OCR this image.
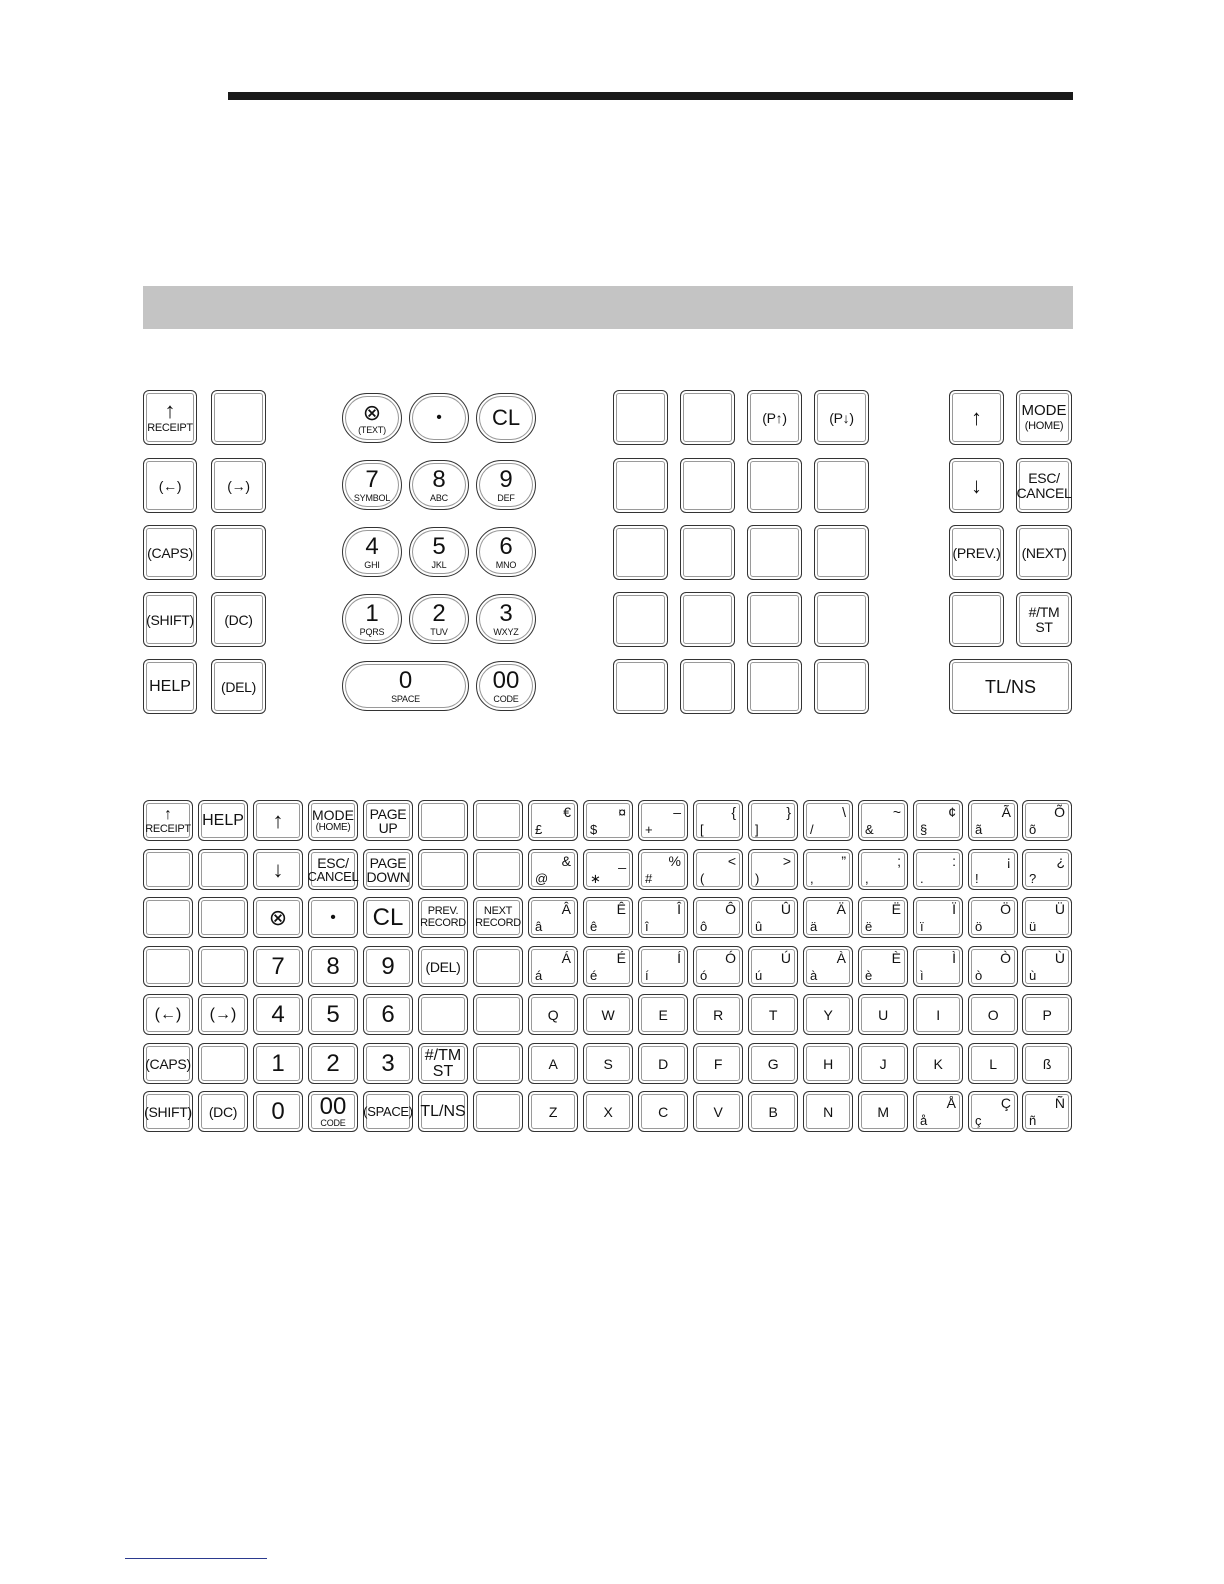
↑
RECEIPT
(←)	(→)
(CAPS)
(SHIFT) (DC)
HELP (DEL)
⊗
(TEXT)
• CL
7
SYMBOL
8
ABC
9
DEF
4
GHI
5
JKL
6
MNO
1
PQRS
2
TUV
3
WXYZ
0
SPACE
00
CODE
(P↑)	(P↓)	↑	MODE
(HOME)
↓	ESC/
CANCEL
(PREV.) (NEXT)
#/TM
ST
TL/NS
↑
RECEIPT HELP ↑ MODE
(HOME)
PAGE
UP
↓ ESC/
CANCEL
PAGE
DOWN
⊗	• CL PREV.
RECORD
NEXT
RECORD
7 8 9 (DEL)
(←) (→) 4 5 6
(CAPS)	1 2 3 #/TM
ST
(SHIFT) (DC) 0 00
CODE
(SPACE) TL/NS
€
£
¤
$
–
+
{
[
}
]
\
/
~
&
¢
§
Ã
ã
Õ
õ
&
@
_
∗
%
#
<
(
>
)
”
,
;
,
:
.
¡
!
¿
?
Â
â
Ê
ê
Î
î
Ô
ô
Û
û
Ä
ä
Ë
ë
Ï
ï
Ö
ö
Ü
ü
Á
á
É
é
Í
í
Ó
ó
Ú
ú
À
à
È
è
Ì
ì
Ò
ò
Ù
ù
Q	W	E	R	T	Y	U	I	O	P
A	S	D	F	G	H	J	K	L	ß
Z	X	C	V	B	N	M
Å
å
Ç
ç
Ñ
ñ
